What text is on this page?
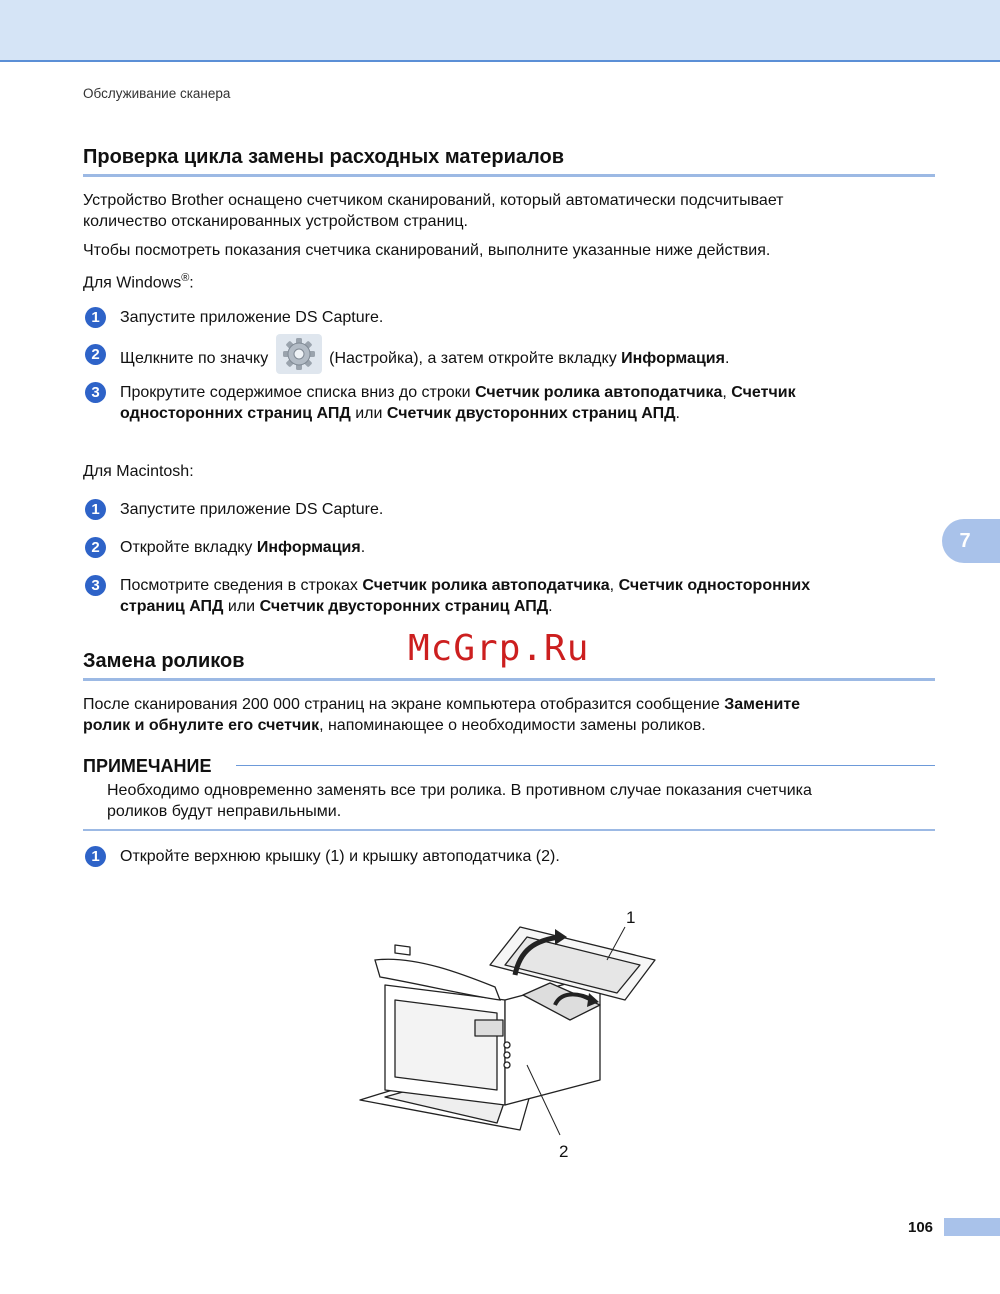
Обслуживание сканера
Проверка цикла замены расходных материалов
Устройство Brother оснащено счетчиком сканирований, который автоматически подсчитывает
количество отсканированных устройством страниц.
Чтобы посмотреть показания счетчика сканирований, выполните указанные ниже действия.
Для Windows®:
1	Запустите приложение DS Capture.
2	Щелкните по значку	(Настройка), а затем откройте вкладку Информация.
3	Прокрутите содержимое списка вниз до строки Счетчик ролика автоподатчика, Счетчик
односторонних страниц АПД или Счетчик двусторонних страниц АПД.
Для Macintosh:
1	Запустите приложение DS Capture.
2	Откройте вкладку Информация.
3	Посмотрите сведения в строках Счетчик ролика автоподатчика, Счетчик односторонних
страниц АПД или Счетчик двусторонних страниц АПД.
7
McGrp.Ru
Замена роликов
После сканирования 200 000 страниц на экране компьютера отобразится сообщение Замените
ролик и обнулите его счетчик, напоминающее о необходимости замены роликов.
ПРИМЕЧАНИЕ
Необходимо одновременно заменять все три ролика. В противном случае показания счетчика
роликов будут неправильными.
1	Откройте верхнюю крышку (1) и крышку автоподатчика (2).
1
2
106
